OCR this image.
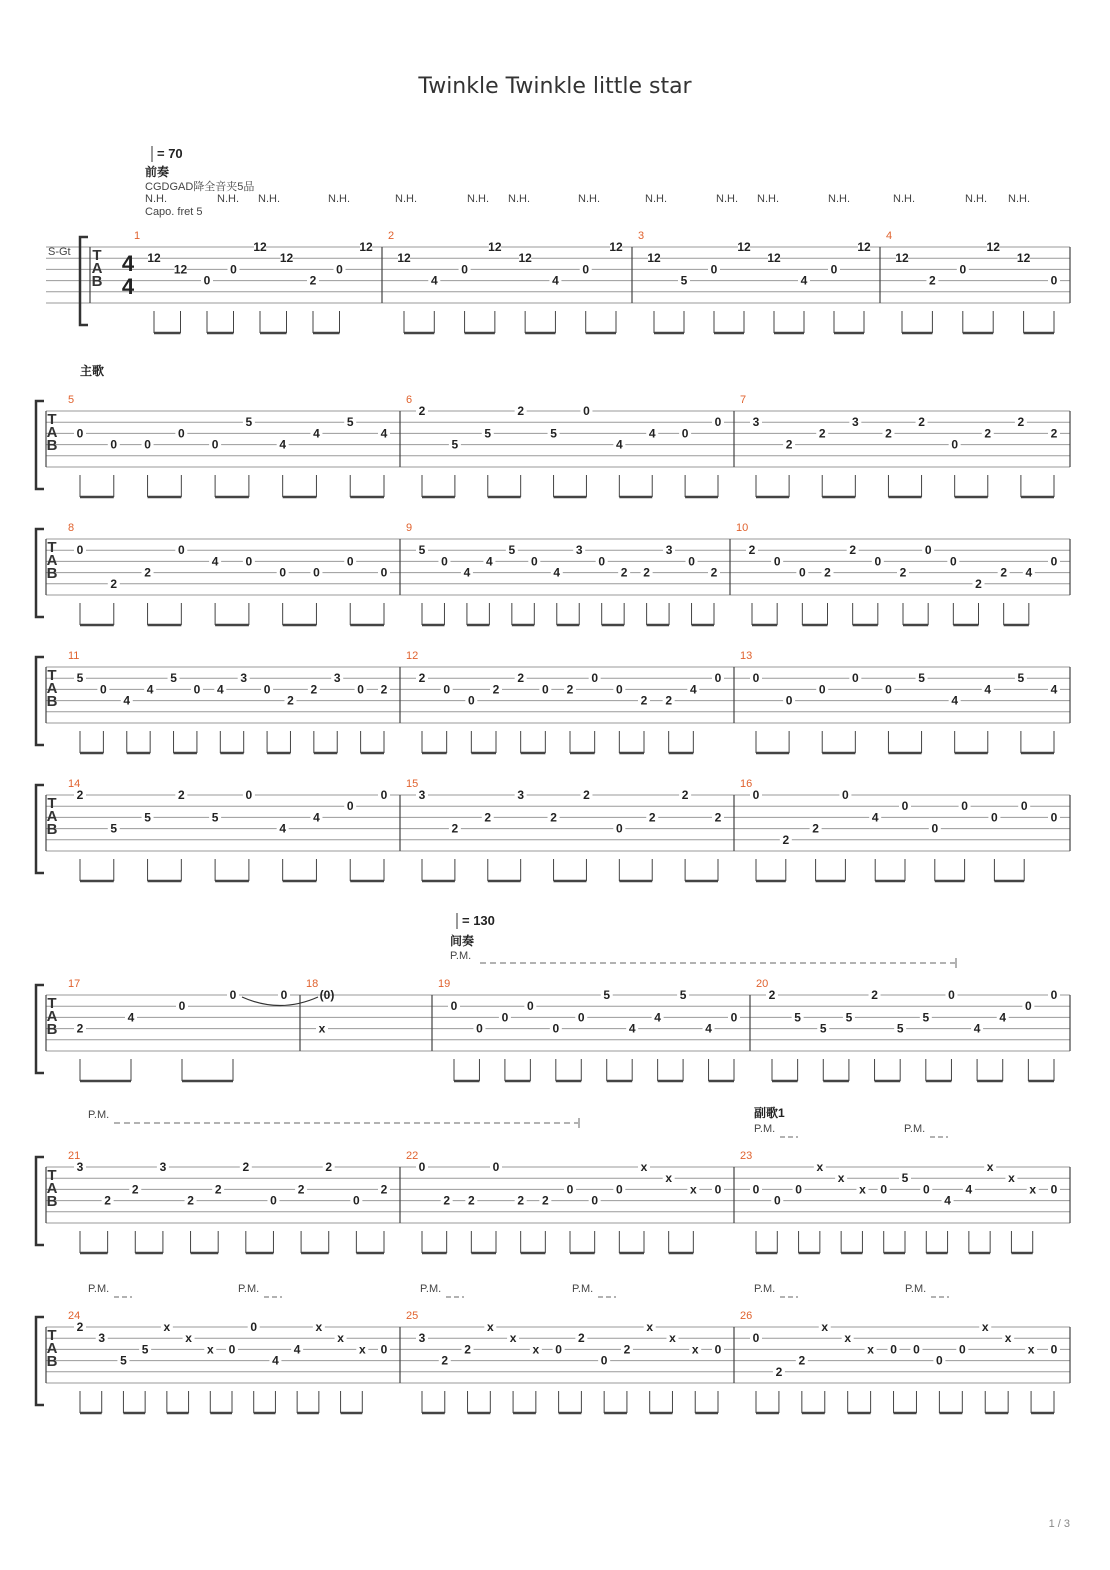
Twinkle Twinkle little star
T
A
B
1
12
12
0
0
12
12
2
0
12
2
12
4
0
12
12
4
0
12
3
12
5
0
12
12
4
0
12
4
12
2
0
12
12
0
S-Gt 4
4
T
A
B
5
0
0 0
0
0
5
4
4
5
4
6
2
5
5
2
5
0
4
4 0
0
7
3
2
2
3
2
2
0
2
2
2
T
A
B
8
0
2
2
0
4 0
0 0
0
0
9
5
0
4
4
5
0
4
3
0
2 2
3
0
2
10
2
0
0 2
2
0
2
0
0
2
2 4
0
T
A
B
11
5
0
4
4
5
0 4
3
0
2
2
3
0 2
12
2
0
0
2
2
0 2
0
0
2 2
4
0
13
0
0
0
0
0
5
4
4
5
4
T
A
B
14
2
5
5
2
5
0
4
4
0
0
15
3
2
2
3
2
2
0
2
2
2
16
0
2
2
0
4
0
0
0
0
0
0
T
A
B
17
2
4
0
0	0
18
x
19
0
0
0
0
0
0
5
4
4
5
4
0
20
2
5
5
5
2
5
5
0
4
4
0
0
T
A
B
21
3
2
2
3
2
2
2
0
2
2
0
2
22
0
2 2
0
2 2
0
0
0
x
x
x 0
23
0
0
0
x
x
x 0
5
0
4
4
x
x
x 0
T
A
B
24
2
3
5
5
x
x
x 0
0
4
4
x
x
x 0
25
3
2
2
x
x
x 0
2
0
2
x
x
x 0
26
0
2
2
x
x
x 0 0
0
0
x
x
x 0
= 70
前奏
CGDGAD降全音夹5品
Capo. fret 5
N.H.	N.H. N.H.	N.H.	N.H.	N.H. N.H.	N.H.	N.H.	N.H. N.H.	N.H.	N.H.	N.H. N.H.
主歌
= 130
间奏
P.M.
(0)
P.M.	副歌1
P.M.	P.M.
P.M.	P.M.	P.M.	P.M.	P.M.	P.M.
1 / 3
